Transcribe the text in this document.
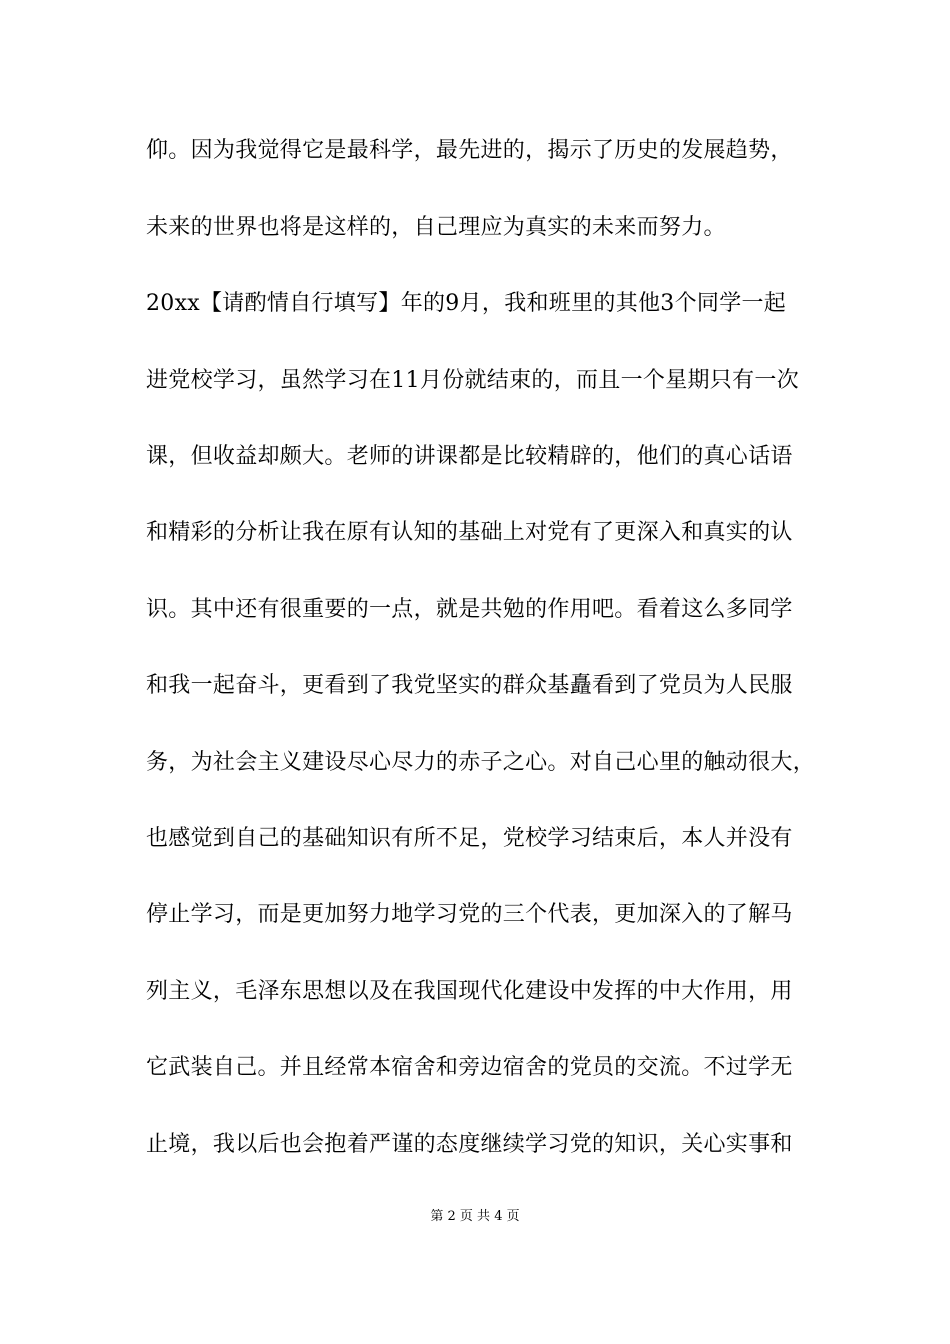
仰。因为我觉得它是最科学，最先进的，揭示了历史的发展趋势，
未来的世界也将是这样的，自己理应为真实的未来而努力。
20xx【请酌情自行填写】年的9月，我和班里的其他3个同学一起
进党校学习，虽然学习在11月份就结束的，而且一个星期只有一次
课，但收益却颇大。老师的讲课都是比较精辟的，他们的真心话语
和精彩的分析让我在原有认知的基础上对党有了更深入和真实的认
识。其中还有很重要的一点，就是共勉的作用吧。看着这么多同学
和我一起奋斗，更看到了我党坚实的群众基矗看到了党员为人民服
务，为社会主义建设尽心尽力的赤子之心。对自己心里的触动很大，
也感觉到自己的基础知识有所不足，党校学习结束后，本人并没有
停止学习，而是更加努力地学习党的三个代表，更加深入的了解马
列主义，毛泽东思想以及在我国现代化建设中发挥的中大作用，用
它武装自己。并且经常本宿舍和旁边宿舍的党员的交流。不过学无
止境，我以后也会抱着严谨的态度继续学习党的知识，关心实事和
第 2 页 共 4 页
